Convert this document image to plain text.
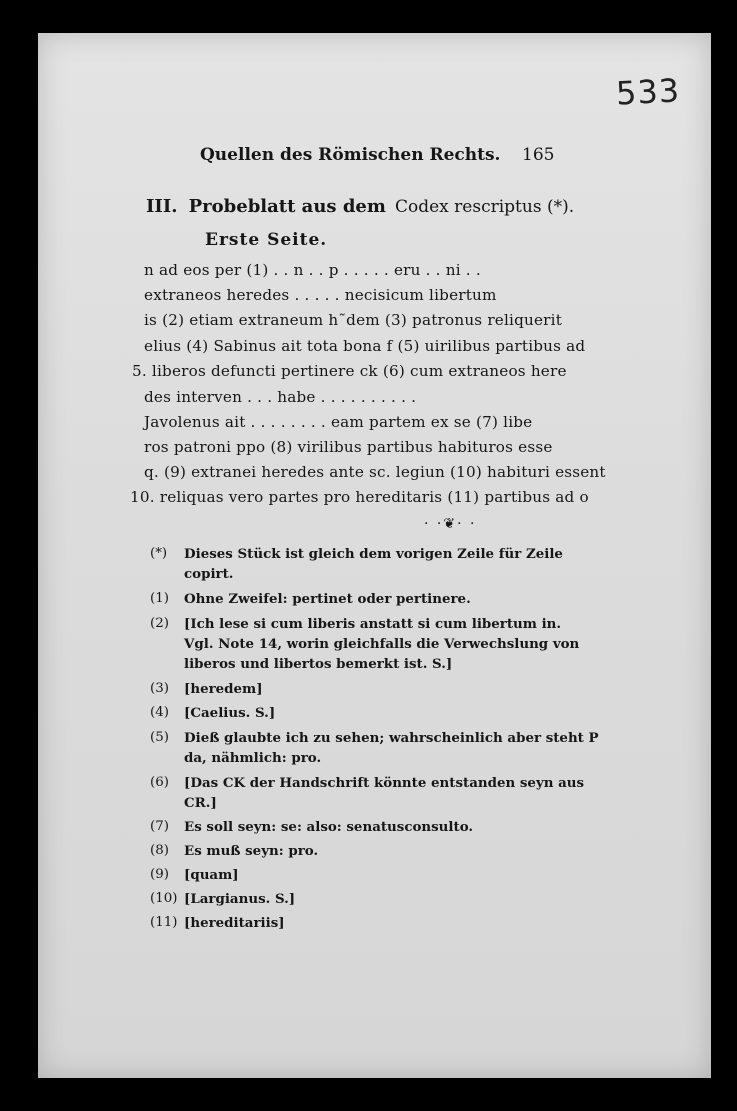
533
Quellen des Römischen Rechts. 165
III. Probeblatt aus dem Codex rescriptus (*).
Erste Seite.
n ad eos per (1) . . n . . p . . . . . eru . . ni . .
extraneos heredes . . . . . necisicum libertum
is (2) etiam extraneum h˜dem (3) patronus reliquerit
elius (4) Sabinus ait tota bona f (5) uirilibus partibus ad
5. liberos defuncti pertinere ck (6) cum extraneos here
des interven . . . habe . . . . . . . . . .
Javolenus ait . . . . . . . . eam partem ex se (7) libe
ros patroni ppo (8) virilibus partibus habituros esse
q. (9) extranei heredes ante sc. legiun (10) habituri essent
10. reliquas vero partes pro hereditaris (11) partibus ad o
· ·❦· ·
(*) Dieses Stück ist gleich dem vorigen Zeile für Zeile
copirt.
(1) Ohne Zweifel: pertinet oder pertinere.
(2) [Ich lese si cum liberis anstatt si cum libertum in.
Vgl. Note 14, worin gleichfalls die Verwechslung von
liberos und libertos bemerkt ist. S.]
(3) [heredem]
(4) [Caelius. S.]
(5) Dieß glaubte ich zu sehen; wahrscheinlich aber steht P
da, nähmlich: pro.
(6) [Das CK der Handschrift könnte entstanden seyn aus
CR.]
(7) Es soll seyn: se: also: senatusconsulto.
(8) Es muß seyn: pro.
(9) [quam]
(10) [Largianus. S.]
(11) [hereditariis]
